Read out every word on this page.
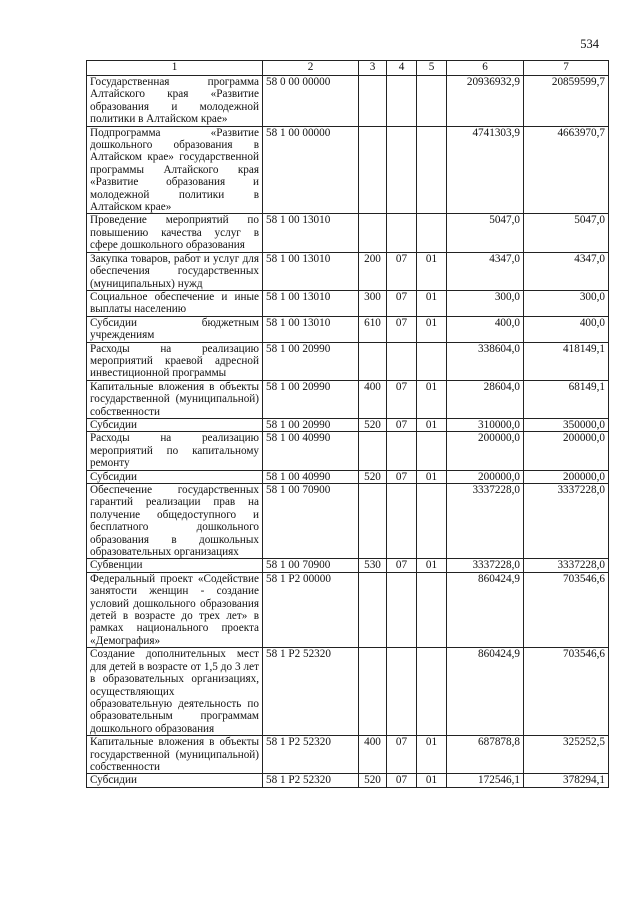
534
1	2	3	4	5	6	7
Государственная программа Алтайского края «Развитие образования и молодежной политики в Алтайском крае»	58 0 00 00000				20936932,9	20859599,7
Подпрограмма «Развитие дошкольного образования в Алтайском крае» государственной программы Алтайского края «Развитие образования и молодежной политики в Алтайском крае»	58 1 00 00000				4741303,9	4663970,7
Проведение мероприятий по повышению качества услуг в сфере дошкольного образования	58 1 00 13010				5047,0	5047,0
Закупка товаров, работ и услуг для обеспечения государственных (муниципальных) нужд	58 1 00 13010	200	07	01	4347,0	4347,0
Социальное обеспечение и иные выплаты населению	58 1 00 13010	300	07	01	300,0	300,0
Субсидии бюджетным учреждениям	58 1 00 13010	610	07	01	400,0	400,0
Расходы на реализацию мероприятий краевой адресной инвестиционной программы	58 1 00 20990				338604,0	418149,1
Капитальные вложения в объекты государственной (муниципальной) собственности	58 1 00 20990	400	07	01	28604,0	68149,1
Субсидии	58 1 00 20990	520	07	01	310000,0	350000,0
Расходы на реализацию мероприятий по капитальному ремонту	58 1 00 40990				200000,0	200000,0
Субсидии	58 1 00 40990	520	07	01	200000,0	200000,0
Обеспечение государственных гарантий реализации прав на получение общедоступного и бесплатного дошкольного образования в дошкольных образовательных организациях	58 1 00 70900				3337228,0	3337228,0
Субвенции	58 1 00 70900	530	07	01	3337228,0	3337228,0
Федеральный проект «Содействие занятости женщин - создание условий дошкольного образования детей в возрасте до трех лет» в рамках национального проекта «Демография»	58 1 P2 00000				860424,9	703546,6
Создание дополнительных мест для детей в возрасте от 1,5 до 3 лет в образовательных организациях, осуществляющих образовательную деятельность по образовательным программам дошкольного образования	58 1 P2 52320				860424,9	703546,6
Капитальные вложения в объекты государственной (муниципальной) собственности	58 1 P2 52320	400	07	01	687878,8	325252,5
Субсидии	58 1 P2 52320	520	07	01	172546,1	378294,1
